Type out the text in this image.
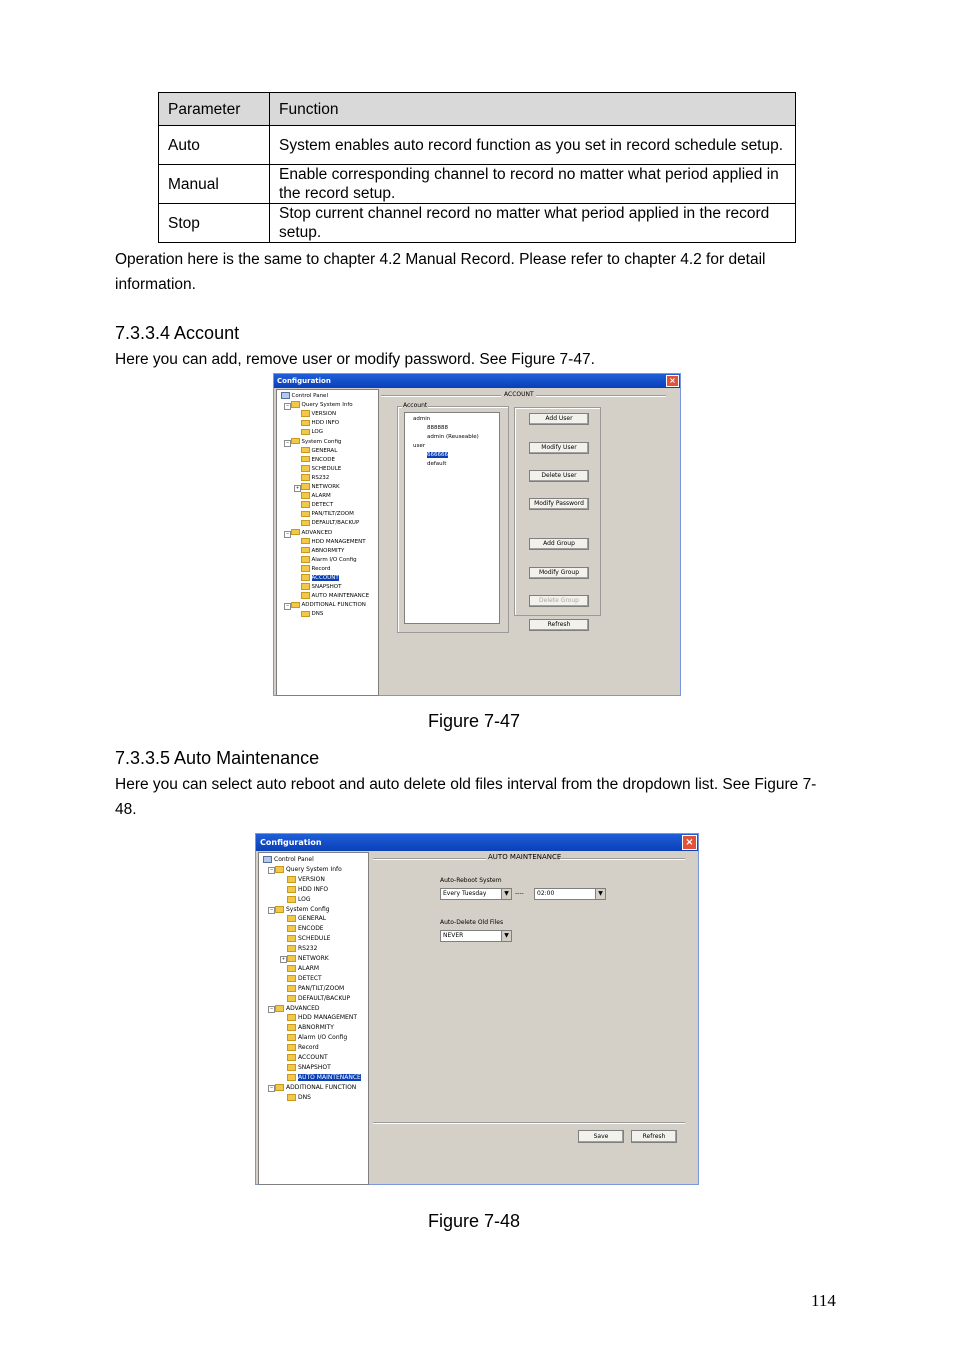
Parameter	Function
Auto	System enables auto record function as you set in record schedule setup.
Manual	Enable corresponding channel to record no matter what period applied in the record setup.
Stop	Stop current channel record no matter what period applied in the record setup.
Operation here is the same to chapter 4.2 Manual Record. Please refer to chapter 4.2 for detail information.
7.3.3.4 Account
Here you can add, remove user or modify password. See Figure 7-47.
Configuration	×
Control Panel
Query System Info
−
VERSION
HDD INFO
LOG
System Config
−
GENERAL
ENCODE
SCHEDULE
RS232
NETWORK
+
ALARM
DETECT
PAN/TILT/ZOOM
DEFAULT/BACKUP
ADVANCED
−
HDD MANAGEMENT
ABNORMITY
Alarm I/O Config
Record
ACCOUNT
SNAPSHOT
AUTO MAINTENANCE
ADDITIONAL FUNCTION
−
DNS
ACCOUNT
Account
admin
888888
admin (Reuseable)
user
666666
default
Add User
Modify User
Delete User
Modify Password
Add Group
Modify Group
Delete Group
Refresh
Figure 7-47
7.3.3.5 Auto Maintenance
Here you can select auto reboot and auto delete old files interval from the dropdown list. See Figure 7-48.
Configuration	×
Control Panel
Query System Info
−
VERSION
HDD INFO
LOG
System Config
−
GENERAL
ENCODE
SCHEDULE
RS232
NETWORK
+
ALARM
DETECT
PAN/TILT/ZOOM
DEFAULT/BACKUP
ADVANCED
−
HDD MANAGEMENT
ABNORMITY
Alarm I/O Config
Record
ACCOUNT
SNAPSHOT
AUTO MAINTENANCE
ADDITIONAL FUNCTION
−
DNS
AUTO MAINTENANCE
Auto-Reboot System
Every Tuesday	▼	----	02:00	▼
Auto-Delete Old Files
NEVER	▼
Save	Refresh
Figure 7-48
114
